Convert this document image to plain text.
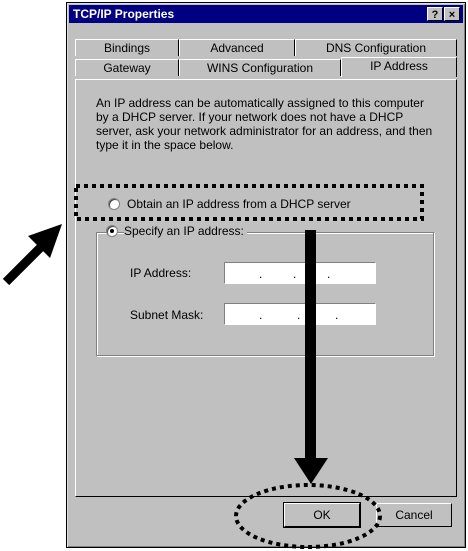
TCP/IP Properties	? ×
Bindings	Advanced	DNS Configuration
Gateway	WINS Configuration	IP Address
An IP address can be automatically assigned to this computer by a DHCP server. If your network does not have a DHCP server, ask your network administrator for an address, and then type it in the space below.
Obtain an IP address from a DHCP server
Specify an IP address:
IP Address:	.	.	.
Subnet Mask:	.	.	.
OK	Cancel
